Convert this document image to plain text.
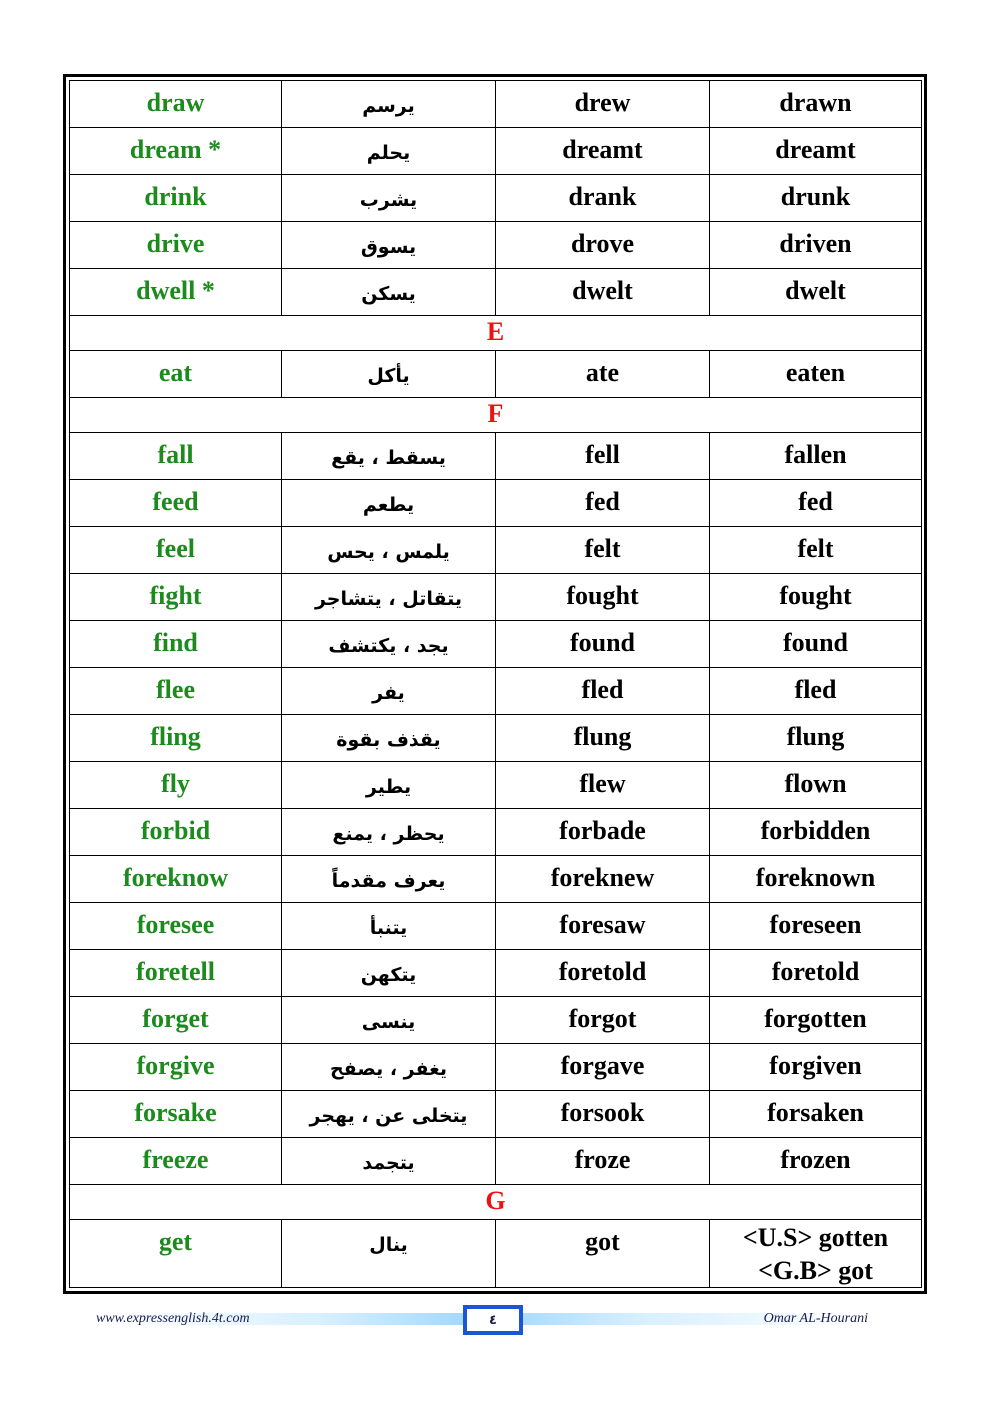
draw	يرسم	drew	drawn
dream *	يحلم	dreamt	dreamt
drink	يشرب	drank	drunk
drive	يسوق	drove	driven
dwell *	يسكن	dwelt	dwelt
E			
eat	يأكل	ate	eaten
F			
fall	يسقط ، يقع	fell	fallen
feed	يطعم	fed	fed
feel	يلمس ، يحس	felt	felt
fight	يتقاتل ، يتشاجر	fought	fought
find	يجد ، يكتشف	found	found
flee	يفر	fled	fled
fling	يقذف بقوة	flung	flung
fly	يطير	flew	flown
forbid	يحظر ، يمنع	forbade	forbidden
foreknow	يعرف مقدماً	foreknew	foreknown
foresee	يتنبأ	foresaw	foreseen
foretell	يتكهن	foretold	foretold
forget	ينسى	forgot	forgotten
forgive	يغفر ، يصفح	forgave	forgiven
forsake	يتخلى عن ، يهجر	forsook	forsaken
freeze	يتجمد	froze	frozen
G			
get	ينال	got	<U.S> gotten
<G.B> got
www.expressenglish.4t.com	٤	Omar AL-Hourani
